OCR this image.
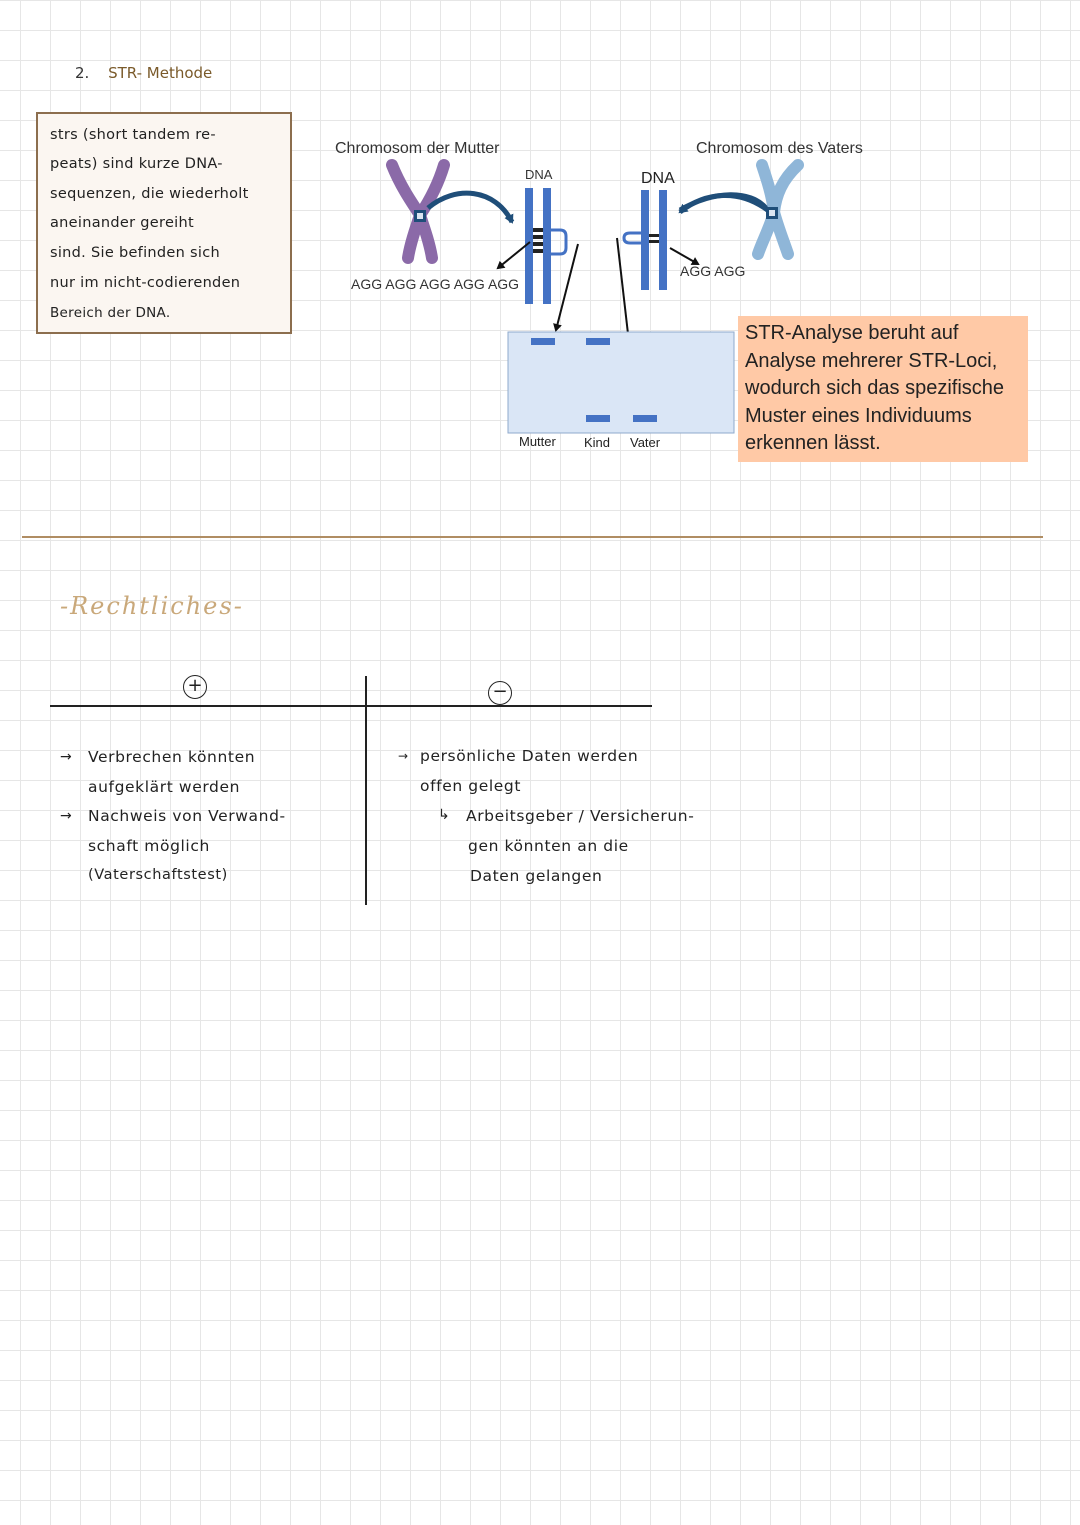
2. STR- Methode
strs (short tandem re-
peats) sind kurze DNA-
sequenzen, die wiederholt
aneinander gereiht
sind. Sie befinden sich
nur im nicht-codierenden
Bereich der DNA.
Chromosom der Mutter
DNA
AGG AGG AGG AGG AGG
DNA
AGG AGG
Mutter Kind Vater
Chromosom des Vaters
STR-Analyse beruht auf
Analyse mehrerer STR-Loci,
wodurch sich das spezifische
Muster eines Individuums
erkennen lässt.
-Rechtliches-
+	−
→ Verbrechen könnten
aufgeklärt werden
→ Nachweis von Verwand-
schaft möglich
(Vaterschaftstest)
→ persönliche Daten werden
offen gelegt
↳ Arbeitsgeber / Versicherun-
gen könnten an die
Daten gelangen
